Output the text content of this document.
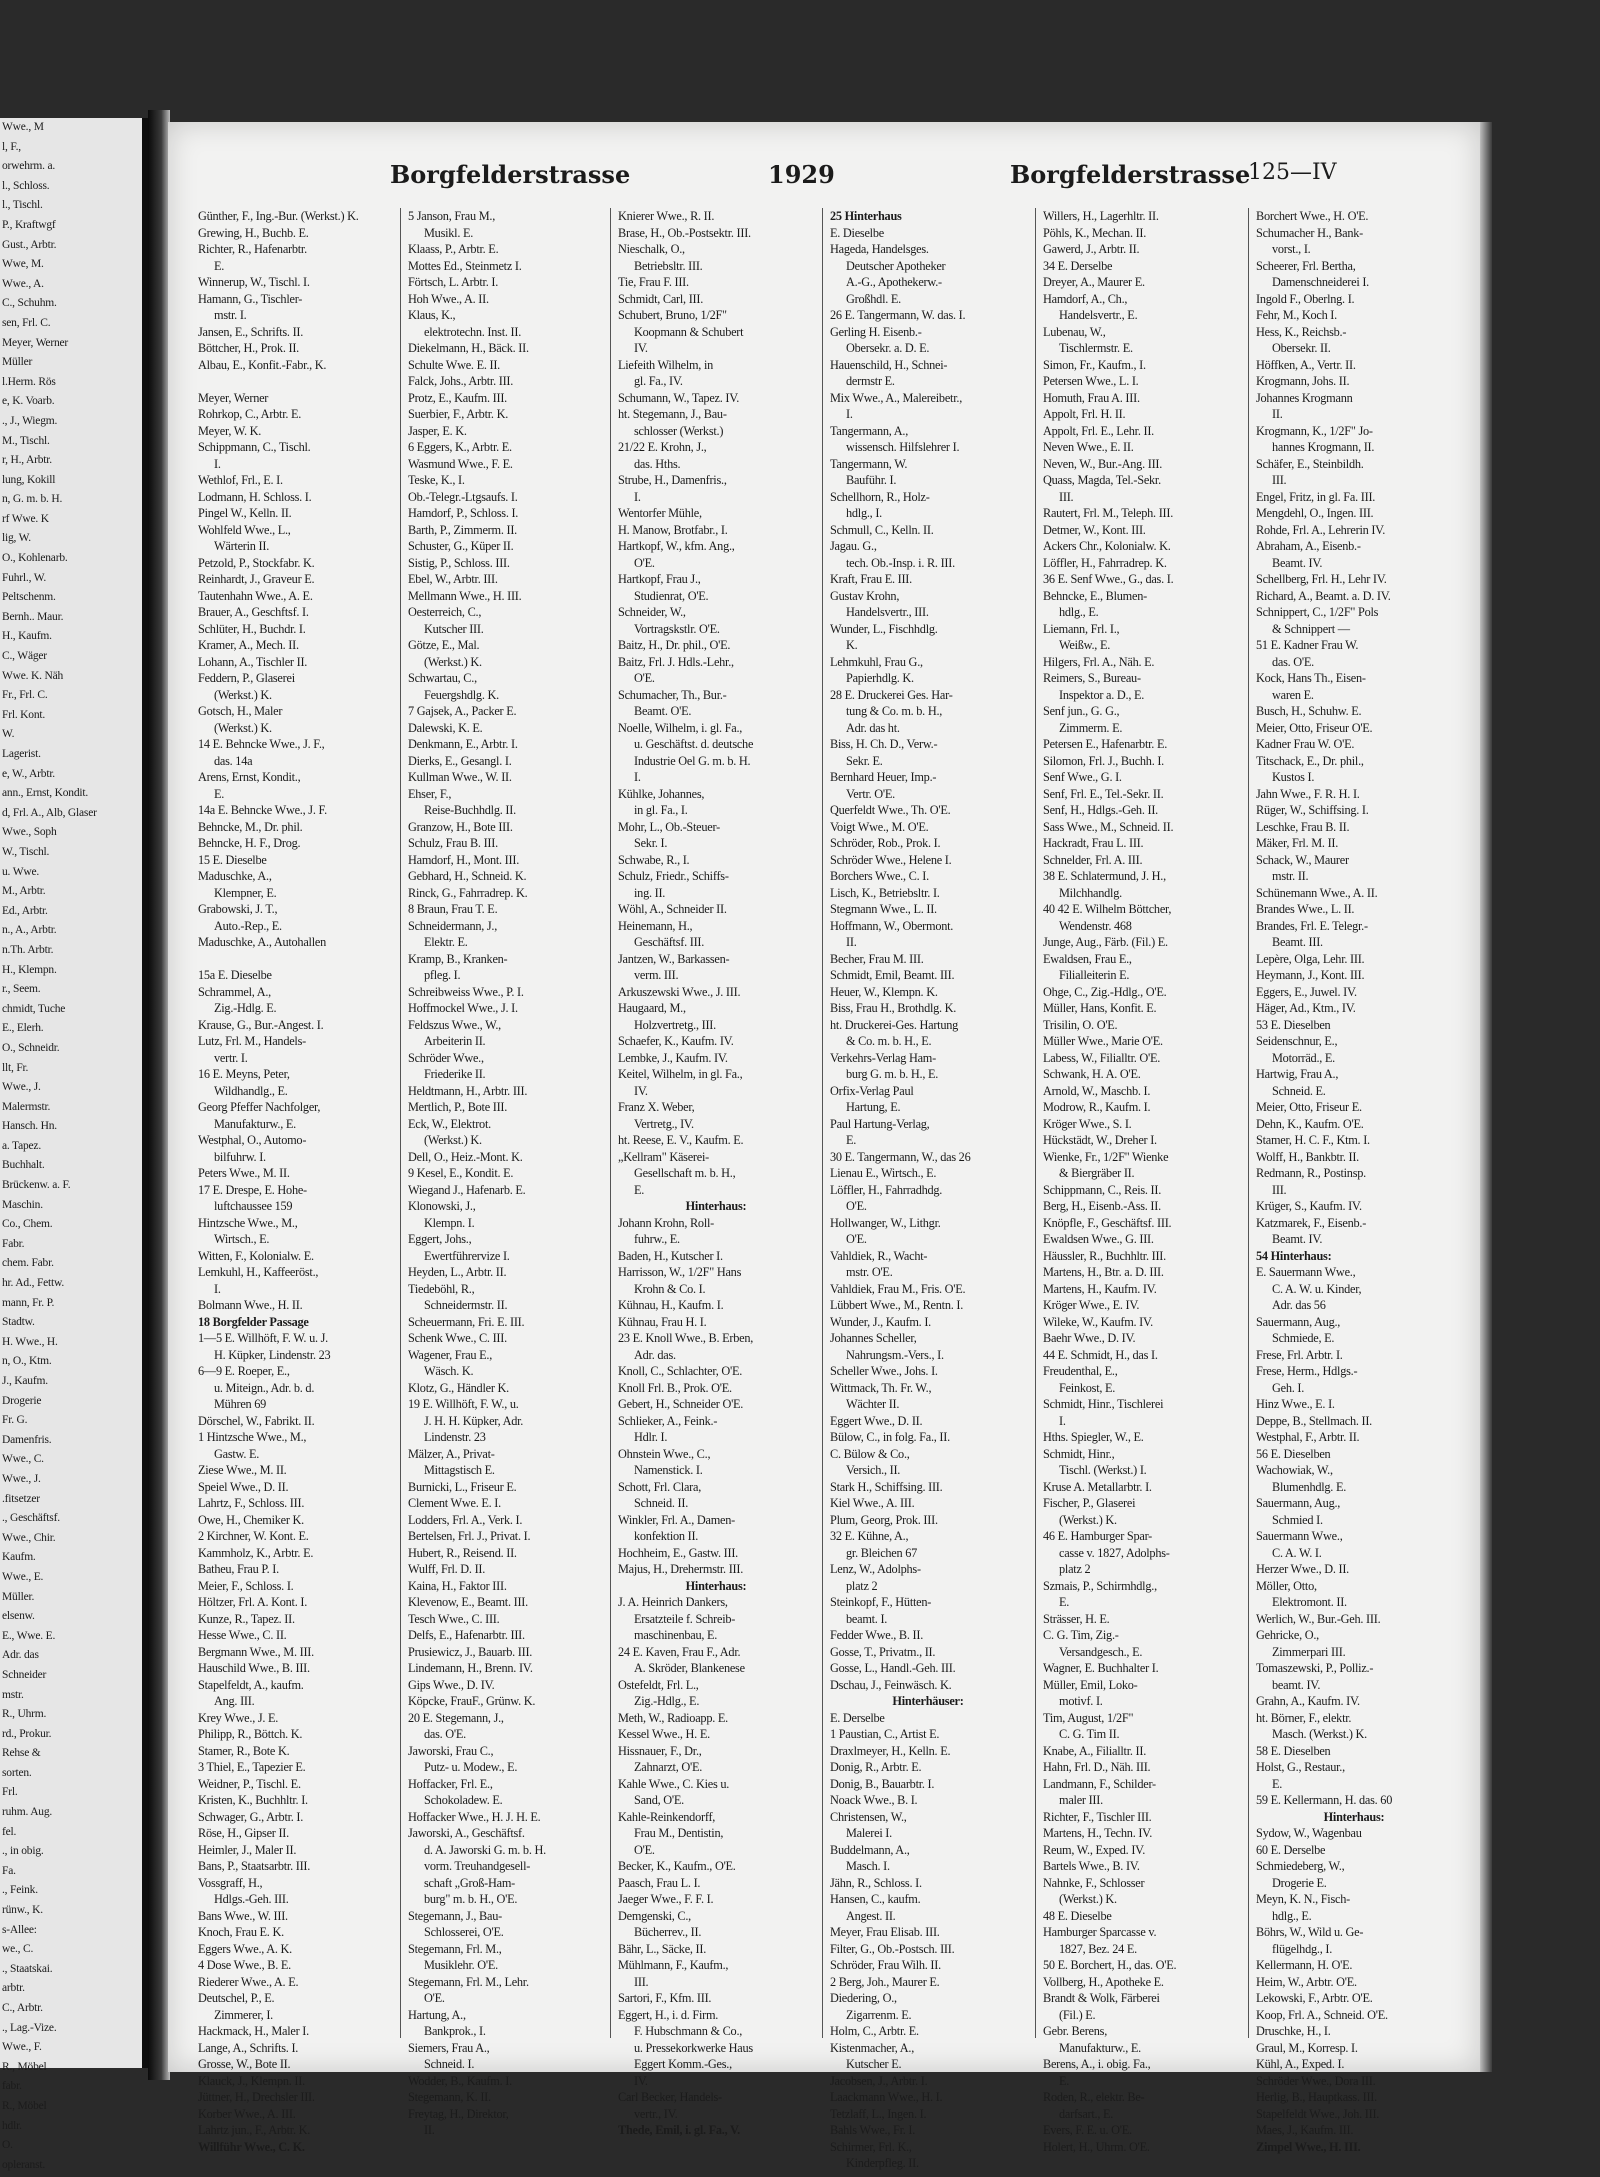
Wwe., M
l, F.,
orwehrm. a.
l., Schloss.
l., Tischl.
P., Kraftwgf
Gust., Arbtr.
Wwe, M.
Wwe., A.
C., Schuhm.
sen, Frl. C.
Meyer, Werner
Müller
l.Herm. Rös
e, K. Voarb.
., J., Wiegm.
M., Tischl.
r, H., Arbtr.
lung, Kokill
n, G. m. b. H.
rf Wwe. K
lig, W.
O., Kohlenarb.
Fuhrl., W.
Peltschenm.
Bernh.. Maur.
H., Kaufm.
C., Wäger
Wwe. K. Näh
Fr., Frl. C.
Frl. Kont.
W.
Lagerist.
e, W., Arbtr.
ann., Ernst, Kondit.
d, Frl. A., Alb, Glaser
Wwe., Soph
W., Tischl.
u. Wwe.
M., Arbtr.
Ed., Arbtr.
n., A., Arbtr.
n.Th. Arbtr.
H., Klempn.
r., Seem.
chmidt, Tuche
E., Elerh.
O., Schneidr.
llt, Fr.
Wwe., J.
Malermstr.
Hansch. Hn.
a. Tapez.
Buchhalt.
Brückenw. a. F.
Maschin.
Co., Chem.
Fabr.
chem. Fabr.
hr. Ad., Fettw.
mann, Fr. P.
Stadtw.
H. Wwe., H.
n, O., Ktm.
J., Kaufm.
Drogerie
Fr. G.
Damenfris.
Wwe., C.
Wwe., J.
.fitsetzer
., Geschäftsf.
Wwe., Chir.
Kaufm.
Wwe., E.
Müller.
elsenw.
E., Wwe. E.
Adr. das
Schneider
mstr.
R., Uhrm.
rd., Prokur.
Rehse &
sorten.
Frl.
ruhm. Aug.
fel.
., in obig.
Fa.
., Feink.
rünw., K.
s-Allee:
we., C.
., Staatskai.
arbtr.
C., Arbtr.
., Lag.-Vize.
Wwe., F.
R., Möbel
fabr.
R., Möbel
hdlr.
O.
opleranst.
Borgfelderstrasse	1929	Borgfelderstrasse
125—IV
Günther, F., Ing.-Bur. (Werkst.) K.
Grewing, H., Buchb. E.
Richter, R., Hafenarbtr.
E.
Winnerup, W., Tischl. I.
Hamann, G., Tischler-
mstr. I.
Jansen, E., Schrifts. II.
Böttcher, H., Prok. II.
Albau, E., Konfit.-Fabr., K.

Meyer, Werner
Rohrkop, C., Arbtr. E.
Meyer, W. K.
Schippmann, C., Tischl.
I.
Wethlof, Frl., E. I.
Lodmann, H. Schloss. I.
Pingel W., Kelln. II.
Wohlfeld Wwe., L.,
Wärterin II.
Petzold, P., Stockfabr. K.
Reinhardt, J., Graveur E.
Tautenhahn Wwe., A. E.
Brauer, A., Geschftsf. I.
Schlüter, H., Buchdr. I.
Kramer, A., Mech. II.
Lohann, A., Tischler II.
Feddern, P., Glaserei
(Werkst.) K.
Gotsch, H., Maler
(Werkst.) K.
14 E. Behncke Wwe., J. F.,
das. 14a
Arens, Ernst, Kondit.,
E.
14a E. Behncke Wwe., J. F.
Behncke, M., Dr. phil.
Behncke, H. F., Drog.
15 E. Dieselbe
Maduschke, A.,
Klempner, E.
Grabowski, J. T.,
Auto.-Rep., E.
Maduschke, A., Autohallen

15a E. Dieselbe
Schrammel, A.,
Zig.-Hdlg. E.
Krause, G., Bur.-Angest. I.
Lutz, Frl. M., Handels-
vertr. I.
16 E. Meyns, Peter,
Wildhandlg., E.
Georg Pfeffer Nachfolger,
Manufakturw., E.
Westphal, O., Automo-
bilfuhrw. I.
Peters Wwe., M. II.
17 E. Drespe, E. Hohe-
luftchaussee 159
Hintzsche Wwe., M.,
Wirtsch., E.
Witten, F., Kolonialw. E.
Lemkuhl, H., Kaffeeröst.,
I.
Bolmann Wwe., H. II.
18 Borgfelder Passage
1—5 E. Willhöft, F. W. u. J.
H. Küpker, Lindenstr. 23
6—9 E. Roeper, E.,
u. Miteign., Adr. b. d.
Mühren 69
Dörschel, W., Fabrikt. II.
1 Hintzsche Wwe., M.,
Gastw. E.
Ziese Wwe., M. II.
Speiel Wwe., D. II.
Lahrtz, F., Schloss. III.
Owe, H., Chemiker K.
2 Kirchner, W. Kont. E.
Kammholz, K., Arbtr. E.
Batheu, Frau P. I.
Meier, F., Schloss. I.
Höltzer, Frl. A. Kont. I.
Kunze, R., Tapez. II.
Hesse Wwe., C. II.
Bergmann Wwe., M. III.
Hauschild Wwe., B. III.
Stapelfeldt, A., kaufm.
Ang. III.
Krey Wwe., J. E.
Philipp, R., Böttch. K.
Stamer, R., Bote K.
3 Thiel, E., Tapezier E.
Weidner, P., Tischl. E.
Kristen, K., Buchhltr. I.
Schwager, G., Arbtr. I.
Röse, H., Gipser II.
Heimler, J., Maler II.
Bans, P., Staatsarbtr. III.
Vossgraff, H.,
Hdlgs.-Geh. III.
Bans Wwe., W. III.
Knoch, Frau E. K.
Eggers Wwe., A. K.
4 Dose Wwe., B. E.
Riederer Wwe., A. E.
Deutschel, P., E.
Zimmerer, I.
Hackmack, H., Maler I.
Lange, A., Schrifts. I.
Grosse, W., Bote II.
Klauck, J., Klempn. II.
Jüttner, H., Drechsler III.
Korber Wwe., A. III.
Lahrtz jun., F., Arbtr. K.
Willführ Wwe., C. K.
5 Janson, Frau M.,
Musikl. E.
Klaass, P., Arbtr. E.
Mottes Ed., Steinmetz I.
Förtsch, L. Arbtr. I.
Hoh Wwe., A. II.
Klaus, K.,
elektrotechn. Inst. II.
Diekelmann, H., Bäck. II.
Schulte Wwe. E. II.
Falck, Johs., Arbtr. III.
Protz, E., Kaufm. III.
Suerbier, F., Arbtr. K.
Jasper, E. K.
6 Eggers, K., Arbtr. E.
Wasmund Wwe., F. E.
Teske, K., I.
Ob.-Telegr.-Ltgsaufs. I.
Hamdorf, P., Schloss. I.
Barth, P., Zimmerm. II.
Schuster, G., Küper II.
Sistig, P., Schloss. III.
Ebel, W., Arbtr. III.
Mellmann Wwe., H. III.
Oesterreich, C.,
Kutscher III.
Götze, E., Mal.
(Werkst.) K.
Schwartau, C.,
Feuergshdlg. K.
7 Gajsek, A., Packer E.
Dalewski, K. E.
Denkmann, E., Arbtr. I.
Dierks, E., Gesangl. I.
Kullman Wwe., W. II.
Ehser, F.,
Reise-Buchhdlg. II.
Granzow, H., Bote III.
Schulz, Frau B. III.
Hamdorf, H., Mont. III.
Gebhard, H., Schneid. K.
Rinck, G., Fahrradrep. K.
8 Braun, Frau T. E.
Schneidermann, J.,
Elektr. E.
Kramp, B., Kranken-
pfleg. I.
Schreibweiss Wwe., P. I.
Hoffmockel Wwe., J. I.
Feldszus Wwe., W.,
Arbeiterin II.
Schröder Wwe.,
Friederike II.
Heldtmann, H., Arbtr. III.
Mertlich, P., Bote III.
Eck, W., Elektrot.
(Werkst.) K.
Dell, O., Heiz.-Mont. K.
9 Kesel, E., Kondit. E.
Wiegand J., Hafenarb. E.
Klonowski, J.,
Klempn. I.
Eggert, Johs.,
Ewertführervize I.
Heyden, L., Arbtr. II.
Tiedeböhl, R.,
Schneidermstr. II.
Scheuermann, Fri. E. III.
Schenk Wwe., C. III.
Wagener, Frau E.,
Wäsch. K.
Klotz, G., Händler K.
19 E. Willhöft, F. W., u.
J. H. H. Küpker, Adr.
Lindenstr. 23
Mälzer, A., Privat-
Mittagstisch E.
Burnicki, L., Friseur E.
Clement Wwe. E. I.
Lodders, Frl. A., Verk. I.
Bertelsen, Frl. J., Privat. I.
Hubert, R., Reisend. II.
Wulff, Frl. D. II.
Kaina, H., Faktor III.
Klevenow, E., Beamt. III.
Tesch Wwe., C. III.
Delfs, E., Hafenarbtr. III.
Prusiewicz, J., Bauarb. III.
Lindemann, H., Brenn. IV.
Gips Wwe., D. IV.
Köpcke, FrauF., Grünw. K.
20 E. Stegemann, J.,
das. O'E.
Jaworski, Frau C.,
Putz- u. Modew., E.
Hoffacker, Frl. E.,
Schokoladew. E.
Hoffacker Wwe., H. J. H. E.
Jaworski, A., Geschäftsf.
d. A. Jaworski G. m. b. H.
vorm. Treuhandgesell-
schaft „Groß-Ham-
burg" m. b. H., O'E.
Stegemann, J., Bau-
Schlosserei, O'E.
Stegemann, Frl. M.,
Musiklehr. O'E.
Stegemann, Frl. M., Lehr.
O'E.
Hartung, A.,
Bankprok., I.
Siemers, Frau A.,
Schneid. I.
Wodder, B., Kaufm. I.
Stegemann, K. II.
Freytag, H., Direktor,
II.
Knierer Wwe., R. II.
Brase, H., Ob.-Postsektr. III.
Nieschalk, O.,
Betriebsltr. III.
Tie, Frau F. III.
Schmidt, Carl, III.
Schubert, Bruno, 1/2F"
Koopmann & Schubert
IV.
Liefeith Wilhelm, in
gl. Fa., IV.
Schumann, W., Tapez. IV.
ht. Stegemann, J., Bau-
schlosser (Werkst.)
21/22 E. Krohn, J.,
das. Hths.
Strube, H., Damenfris.,
I.
Wentorfer Mühle,
H. Manow, Brotfabr., I.
Hartkopf, W., kfm. Ang.,
O'E.
Hartkopf, Frau J.,
Studienrat, O'E.
Schneider, W.,
Vortragskstlr. O'E.
Baitz, H., Dr. phil., O'E.
Baitz, Frl. J. Hdls.-Lehr.,
O'E.
Schumacher, Th., Bur.-
Beamt. O'E.
Noelle, Wilhelm, i. gl. Fa.,
u. Geschäftst. d. deutsche
Industrie Oel G. m. b. H.
I.
Kühlke, Johannes,
in gl. Fa., I.
Mohr, L., Ob.-Steuer-
Sekr. I.
Schwabe, R., I.
Schulz, Friedr., Schiffs-
ing. II.
Wöhl, A., Schneider II.
Heinemann, H.,
Geschäftsf. III.
Jantzen, W., Barkassen-
verm. III.
Arkuszewski Wwe., J. III.
Haugaard, M.,
Holzvertretg., III.
Schaefer, K., Kaufm. IV.
Lembke, J., Kaufm. IV.
Keitel, Wilhelm, in gl. Fa.,
IV.
Franz X. Weber,
Vertretg., IV.
ht. Reese, E. V., Kaufm. E.
„Kellram" Käserei-
Gesellschaft m. b. H.,
E.
Hinterhaus:
Johann Krohn, Roll-
fuhrw., E.
Baden, H., Kutscher I.
Harrisson, W., 1/2F" Hans
Krohn & Co. I.
Kühnau, H., Kaufm. I.
Kühnau, Frau H. I.
23 E. Knoll Wwe., B. Erben,
Adr. das.
Knoll, C., Schlachter, O'E.
Knoll Frl. B., Prok. O'E.
Gebert, H., Schneider O'E.
Schlieker, A., Feink.-
Hdlr. I.
Ohnstein Wwe., C.,
Namenstick. I.
Schott, Frl. Clara,
Schneid. II.
Winkler, Frl. A., Damen-
konfektion II.
Hochheim, E., Gastw. III.
Majus, H., Drehermstr. III.
Hinterhaus:
J. A. Heinrich Dankers,
Ersatzteile f. Schreib-
maschinenbau, E.
24 E. Kaven, Frau F., Adr.
A. Skröder, Blankenese
Ostefeldt, Frl. L.,
Zig.-Hdlg., E.
Meth, W., Radioapp. E.
Kessel Wwe., H. E.
Hissnauer, F., Dr.,
Zahnarzt, O'E.
Kahle Wwe., C. Kies u.
Sand, O'E.
Kahle-Reinkendorff,
Frau M., Dentistin,
O'E.
Becker, K., Kaufm., O'E.
Paasch, Frau L. I.
Jaeger Wwe., F. F. I.
Demgenski, C.,
Bücherrev., II.
Bähr, L., Säcke, II.
Mühlmann, F., Kaufm.,
III.
Sartori, F., Kfm. III.
Eggert, H., i. d. Firm.
F. Hubschmann & Co.,
u. Pressekorkwerke Haus
Eggert Komm.-Ges.,
IV.
Carl Becker, Handels-
vertr., IV.
Thede, Emil, i. gl. Fa., V.
25 Hinterhaus
E. Dieselbe
Hageda, Handelsges.
Deutscher Apotheker
A.-G., Apothekerw.-
Großhdl. E.
26 E. Tangermann, W. das. I.
Gerling H. Eisenb.-
Obersekr. a. D. E.
Hauenschild, H., Schnei-
dermstr E.
Mix Wwe., A., Malereibetr.,
I.
Tangermann, A.,
wissensch. Hilfslehrer I.
Tangermann, W.
Bauführ. I.
Schellhorn, R., Holz-
hdlg., I.
Schmull, C., Kelln. II.
Jagau. G.,
tech. Ob.-Insp. i. R. III.
Kraft, Frau E. III.
Gustav Krohn,
Handelsvertr., III.
Wunder, L., Fischhdlg.
K.
Lehmkuhl, Frau G.,
Papierhdlg. K.
28 E. Druckerei Ges. Har-
tung & Co. m. b. H.,
Adr. das ht.
Biss, H. Ch. D., Verw.-
Sekr. E.
Bernhard Heuer, Imp.-
Vertr. O'E.
Querfeldt Wwe., Th. O'E.
Voigt Wwe., M. O'E.
Schröder, Rob., Prok. I.
Schröder Wwe., Helene I.
Borchers Wwe., C. I.
Lisch, K., Betriebsltr. I.
Stegmann Wwe., L. II.
Hoffmann, W., Obermont.
II.
Becher, Frau M. III.
Schmidt, Emil, Beamt. III.
Heuer, W., Klempn. K.
Biss, Frau H., Brothdlg. K.
ht. Druckerei-Ges. Hartung
& Co. m. b. H., E.
Verkehrs-Verlag Ham-
burg G. m. b. H., E.
Orfix-Verlag Paul
Hartung, E.
Paul Hartung-Verlag,
E.
30 E. Tangermann, W., das 26
Lienau E., Wirtsch., E.
Löffler, H., Fahrradhdg.
O'E.
Hollwanger, W., Lithgr.
O'E.
Vahldiek, R., Wacht-
mstr. O'E.
Vahldiek, Frau M., Fris. O'E.
Lübbert Wwe., M., Rentn. I.
Wunder, J., Kaufm. I.
Johannes Scheller,
Nahrungsm.-Vers., I.
Scheller Wwe., Johs. I.
Wittmack, Th. Fr. W.,
Wächter II.
Eggert Wwe., D. II.
Bülow, C., in folg. Fa., II.
C. Bülow & Co.,
Versich., II.
Stark H., Schiffsing. III.
Kiel Wwe., A. III.
Plum, Georg, Prok. III.
32 E. Kühne, A.,
gr. Bleichen 67
Lenz, W., Adolphs-
platz 2
Steinkopf, F., Hütten-
beamt. I.
Fedder Wwe., B. II.
Gosse, T., Privatm., II.
Gosse, L., Handl.-Geh. III.
Dschau, J., Feinwäsch. K.
Hinterhäuser:
E. Derselbe
1 Paustian, C., Artist E.
Draxlmeyer, H., Kelln. E.
Donig, R., Arbtr. E.
Donig, B., Bauarbtr. I.
Noack Wwe., B. I.
Christensen, W.,
Malerei I.
Buddelmann, A.,
Masch. I.
Jähn, R., Schloss. I.
Hansen, C., kaufm.
Angest. II.
Meyer, Frau Elisab. III.
Filter, G., Ob.-Postsch. III.
Schröder, Frau Wilh. II.
2 Berg, Joh., Maurer E.
Diedering, O.,
Zigarrenm. E.
Holm, C., Arbtr. E.
Kistenmacher, A.,
Kutscher E.
Jacobsen, J., Arbtr. I.
Laackmann Wwe., H. I.
Tetzlaff, L., Ingen. I.
Bahls Wwe., Fr. I.
Schirmer, Frl. K.,
Kinderpfleg. II.
Willers, H., Lagerhltr. II.
Pöhls, K., Mechan. II.
Gawerd, J., Arbtr. II.
34 E. Derselbe
Dreyer, A., Maurer E.
Hamdorf, A., Ch.,
Handelsvertr., E.
Lubenau, W.,
Tischlermstr. E.
Simon, Fr., Kaufm., I.
Petersen Wwe., L. I.
Homuth, Frau A. III.
Appolt, Frl. H. II.
Appolt, Frl. E., Lehr. II.
Neven Wwe., E. II.
Neven, W., Bur.-Ang. III.
Quass, Magda, Tel.-Sekr.
III.
Rautert, Frl. M., Teleph. III.
Detmer, W., Kont. III.
Ackers Chr., Kolonialw. K.
Löffler, H., Fahrradrep. K.
36 E. Senf Wwe., G., das. I.
Behncke, E., Blumen-
hdlg., E.
Liemann, Frl. I.,
Weißw., E.
Hilgers, Frl. A., Näh. E.
Reimers, S., Bureau-
Inspektor a. D., E.
Senf jun., G. G.,
Zimmerm. E.
Petersen E., Hafenarbtr. E.
Silomon, Frl. J., Buchh. I.
Senf Wwe., G. I.
Senf, Frl. E., Tel.-Sekr. II.
Senf, H., Hdlgs.-Geh. II.
Sass Wwe., M., Schneid. II.
Hackradt, Frau L. III.
Schnelder, Frl. A. III.
38 E. Schlatermund, J. H.,
Milchhandlg.
40 42 E. Wilhelm Böttcher,
Wendenstr. 468
Junge, Aug., Färb. (Fil.) E.
Ewaldsen, Frau E.,
Filialleiterin E.
Ohge, C., Zig.-Hdlg., O'E.
Müller, Hans, Konfit. E.
Trisilin, O. O'E.
Müller Wwe., Marie O'E.
Labess, W., Filialltr. O'E.
Schwank, H. A. O'E.
Arnold, W., Maschb. I.
Modrow, R., Kaufm. I.
Kröger Wwe., S. I.
Hückstädt, W., Dreher I.
Wienke, Fr., 1/2F" Wienke
& Biergräber II.
Schippmann, C., Reis. II.
Berg, H., Eisenb.-Ass. II.
Knöpfle, F., Geschäftsf. III.
Ewaldsen Wwe., G. III.
Häussler, R., Buchhltr. III.
Martens, H., Btr. a. D. III.
Martens, H., Kaufm. IV.
Kröger Wwe., E. IV.
Wileke, W., Kaufm. IV.
Baehr Wwe., D. IV.
44 E. Schmidt, H., das I.
Freudenthal, E.,
Feinkost, E.
Schmidt, Hinr., Tischlerei
I.
Hths. Spiegler, W., E.
Schmidt, Hinr.,
Tischl. (Werkst.) I.
Kruse A. Metallarbtr. I.
Fischer, P., Glaserei
(Werkst.) K.
46 E. Hamburger Spar-
casse v. 1827, Adolphs-
platz 2
Szmais, P., Schirmhdlg.,
E.
Strässer, H. E.
C. G. Tim, Zig.-
Versandgesch., E.
Wagner, E. Buchhalter I.
Müller, Emil, Loko-
motivf. I.
Tim, August, 1/2F"
C. G. Tim II.
Knabe, A., Filialltr. II.
Hahn, Frl. D., Näh. III.
Landmann, F., Schilder-
maler III.
Richter, F., Tischler III.
Martens, H., Techn. IV.
Reum, W., Exped. IV.
Bartels Wwe., B. IV.
Nahnke, F., Schlosser
(Werkst.) K.
48 E. Dieselbe
Hamburger Sparcasse v.
1827, Bez. 24 E.
50 E. Borchert, H., das. O'E.
Vollberg, H., Apotheke E.
Brandt & Wolk, Färberei
(Fil.) E.
Gebr. Berens,
Manufakturw., E.
Berens, A., i. obig. Fa.,
E.
Roden, R., elektr. Be-
darfsart., E.
Evers, F. E. u. O'E.
Holert, H., Uhrm. O'E.
Borchert Wwe., H. O'E.
Schumacher H., Bank-
vorst., I.
Scheerer, Frl. Bertha,
Damenschneiderei I.
Ingold F., Oberlng. I.
Fehr, M., Koch I.
Hess, K., Reichsb.-
Obersekr. II.
Höffken, A., Vertr. II.
Krogmann, Johs. II.
Johannes Krogmann
II.
Krogmann, K., 1/2F" Jo-
hannes Krogmann, II.
Schäfer, E., Steinbildh.
III.
Engel, Fritz, in gl. Fa. III.
Mengdehl, O., Ingen. III.
Rohde, Frl. A., Lehrerin IV.
Abraham, A., Eisenb.-
Beamt. IV.
Schellberg, Frl. H., Lehr IV.
Richard, A., Beamt. a. D. IV.
Schnippert, C., 1/2F" Pols
& Schnippert —
51 E. Kadner Frau W.
das. O'E.
Kock, Hans Th., Eisen-
waren E.
Busch, H., Schuhw. E.
Meier, Otto, Friseur O'E.
Kadner Frau W. O'E.
Titschack, E., Dr. phil.,
Kustos I.
Jahn Wwe., F. R. H. I.
Rüger, W., Schiffsing. I.
Leschke, Frau B. II.
Mäker, Frl. M. II.
Schack, W., Maurer
mstr. II.
Schünemann Wwe., A. II.
Brandes Wwe., L. II.
Brandes, Frl. E. Telegr.-
Beamt. III.
Lepère, Olga, Lehr. III.
Heymann, J., Kont. III.
Eggers, E., Juwel. IV.
Häger, Ad., Ktm., IV.
53 E. Dieselben
Seidenschnur, E.,
Motorräd., E.
Hartwig, Frau A.,
Schneid. E.
Meier, Otto, Friseur E.
Dehn, K., Kaufm. O'E.
Stamer, H. C. F., Ktm. I.
Wolff, H., Bankbtr. II.
Redmann, R., Postinsp.
III.
Krüger, S., Kaufm. IV.
Katzmarek, F., Eisenb.-
Beamt. IV.
54 Hinterhaus:
E. Sauermann Wwe.,
C. A. W. u. Kinder,
Adr. das 56
Sauermann, Aug.,
Schmiede, E.
Frese, Frl. Arbtr. I.
Frese, Herm., Hdlgs.-
Geh. I.
Hinz Wwe., E. I.
Deppe, B., Stellmach. II.
Westphal, F., Arbtr. II.
56 E. Dieselben
Wachowiak, W.,
Blumenhdlg. E.
Sauermann, Aug.,
Schmied I.
Sauermann Wwe.,
C. A. W. I.
Herzer Wwe., D. II.
Möller, Otto,
Elektromont. II.
Werlich, W., Bur.-Geh. III.
Gehricke, O.,
Zimmerpari III.
Tomaszewski, P., Polliz.-
beamt. IV.
Grahn, A., Kaufm. IV.
ht. Börner, F., elektr.
Masch. (Werkst.) K.
58 E. Dieselben
Holst, G., Restaur.,
E.
59 E. Kellermann, H. das. 60
Hinterhaus:
Sydow, W., Wagenbau
60 E. Derselbe
Schmiedeberg, W.,
Drogerie E.
Meyn, K. N., Fisch-
hdlg., E.
Böhrs, W., Wild u. Ge-
flügelhdg., I.
Kellermann, H. O'E.
Heim, W., Arbtr. O'E.
Lekowski, F., Arbtr. O'E.
Koop, Frl. A., Schneid. O'E.
Druschke, H., I.
Graul, M., Korresp. I.
Kühl, A., Exped. I.
Schröder Wwe., Dora III.
Herlig, B., Hauptkass. III.
Stapelfeldt Wwe., Joh. III.
Maes, J., Kaufm. III.
Zimpel Wwe., H. III.
